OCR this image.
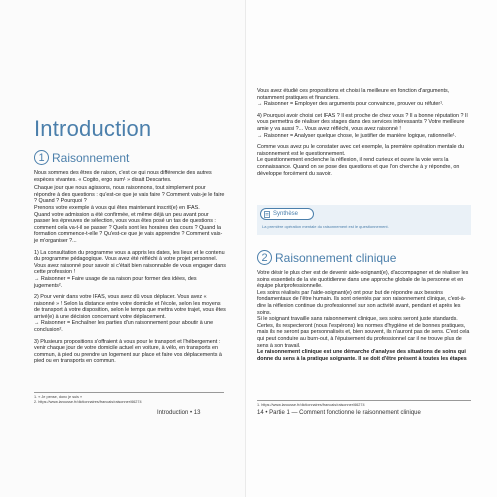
Introduction
1 Raisonnement

Nous sommes des êtres de raison, c'est ce qui nous différencie des autres espèces vivantes. « Cogito, ergo sum¹ » disait Descartes.

Chaque jour que nous agissons, nous raisonnons, tout simplement pour répondre à des questions : qu'est-ce que je vais faire ? Comment vais-je le faire ? Quand ? Pourquoi ?

Prenons votre exemple à vous qui êtes maintenant inscrit(e) en IFAS.

Quand votre admission a été confirmée, et même déjà un peu avant pour passer les épreuves de sélection, vous vous êtes posé un tas de questions : comment cela va-t-il se passer ? Quels sont les horaires des cours ? Quand la formation commence-t-elle ? Qu'est-ce que je vais apprendre ? Comment vais-je m'organiser ?...

1) La consultation du programme vous a appris les dates, les lieux et le contenu du programme pédagogique. Vous avez été réfléchi à votre projet personnel. Vous avez raisonné pour savoir si c'était bien raisonnable de vous engager dans cette profession !

→ Raisonner = Faire usage de sa raison pour former des idées, des jugements².

2) Pour venir dans votre IFAS, vous avez dû vous déplacer. Vous avez « raisonné » ! Selon la distance entre votre domicile et l'école, selon les moyens de transport à votre disposition, selon le temps que mettra votre trajet, vous êtes arrivé(e) à une décision concernant votre déplacement.

→ Raisonner = Enchaîner les parties d'un raisonnement pour aboutir à une conclusion².

3) Plusieurs propositions s'offraient à vous pour le transport et l'hébergement : venir chaque jour de votre domicile actuel en voiture, à vélo, en transports en commun, à pied ou prendre un logement sur place et faire vos déplacements à pied ou en transports en commun.

1. « Je pense, donc je suis »
2. https://www.larousse.fr/dictionnaires/francais/raisonner/66274
Introduction • 13

Vous avez étudié ces propositions et choisi la meilleure en fonction d'arguments, notamment pratiques et financiers.

→ Raisonner = Employer des arguments pour convaincre, prouver ou réfuter¹.

4) Pourquoi avoir choisi cet IFAS ? Il est proche de chez vous ? Il a bonne réputation ? Il vous permettra de réaliser des stages dans des services intéressants ? Votre meilleure amie y va aussi ?... Vous avez réfléchi, vous avez raisonné !

→ Raisonner = Analyser quelque chose, le justifier de manière logique, rationnelle¹.

Comme vous avez pu le constater avec cet exemple, la première opération mentale du raisonnement est le questionnement.

Le questionnement enclenche la réflexion, il rend curieux et ouvre la voie vers la connaissance. Quand on se pose des questions et que l'on cherche à y répondre, on développe forcément du savoir.

Synthèse
La première opération mentale du raisonnement est le questionnement.
2 Raisonnement clinique

Votre désir le plus cher est de devenir aide-soignant(e), d'accompagner et de réaliser les soins essentiels de la vie quotidienne dans une approche globale de la personne et en équipe pluriprofessionnelle.

Les soins réalisés par l'aide-soignant(e) ont pour but de répondre aux besoins fondamentaux de l'être humain. Ils sont orientés par son raisonnement clinique, c'est-à-dire la réflexion continue du professionnel sur son activité avant, pendant et après les soins.

Si le soignant travaille sans raisonnement clinique, ses soins seront juste standards. Certes, ils respecteront (nous l'espérons) les normes d'hygiène et de bonnes pratiques, mais ils ne seront pas personnalisés et, bien souvent, ils n'auront pas de sens. C'est cela qui peut conduire au burn-out, à l'épuisement du professionnel car il ne trouve plus de sens à son travail.

Le raisonnement clinique est une démarche d'analyse des situations de soins qui donne du sens à la pratique soignante. Il se doit d'être présent à toutes les étapes

1. https://www.larousse.fr/dictionnaires/francais/raisonner/66274
14 • Partie 1 — Comment fonctionne le raisonnement clinique
